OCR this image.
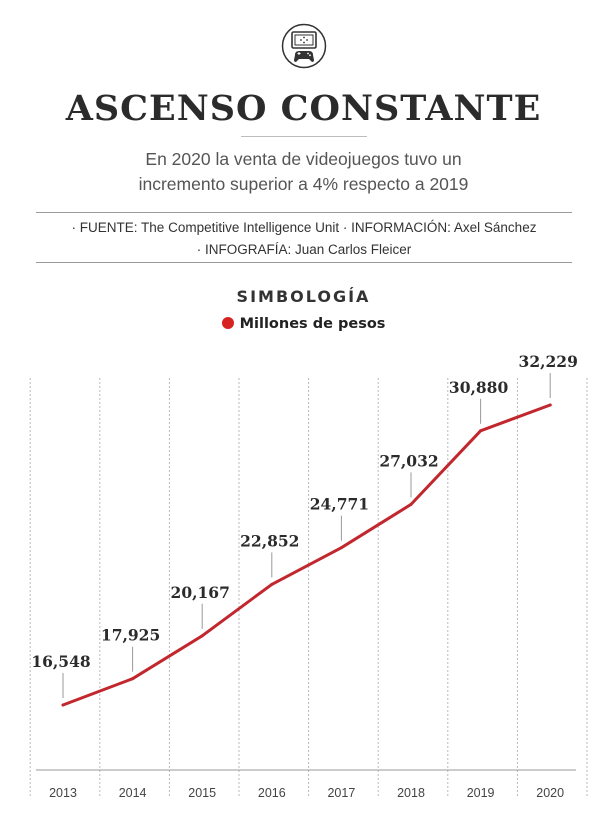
ASCENSO CONSTANTE
En 2020 la venta de videojuegos tuvo un
incremento superior a 4% respecto a 2019
· FUENTE: The Competitive Intelligence Unit · INFORMACIÓN: Axel Sánchez
· INFOGRAFÍA: Juan Carlos Fleicer
SIMBOLOGÍA
Millones de pesos
16,548
17,925
20,167
22,852
24,771
27,032
30,880
32,229
2013	2014	2015	2016	2017	2018	2019	2020
